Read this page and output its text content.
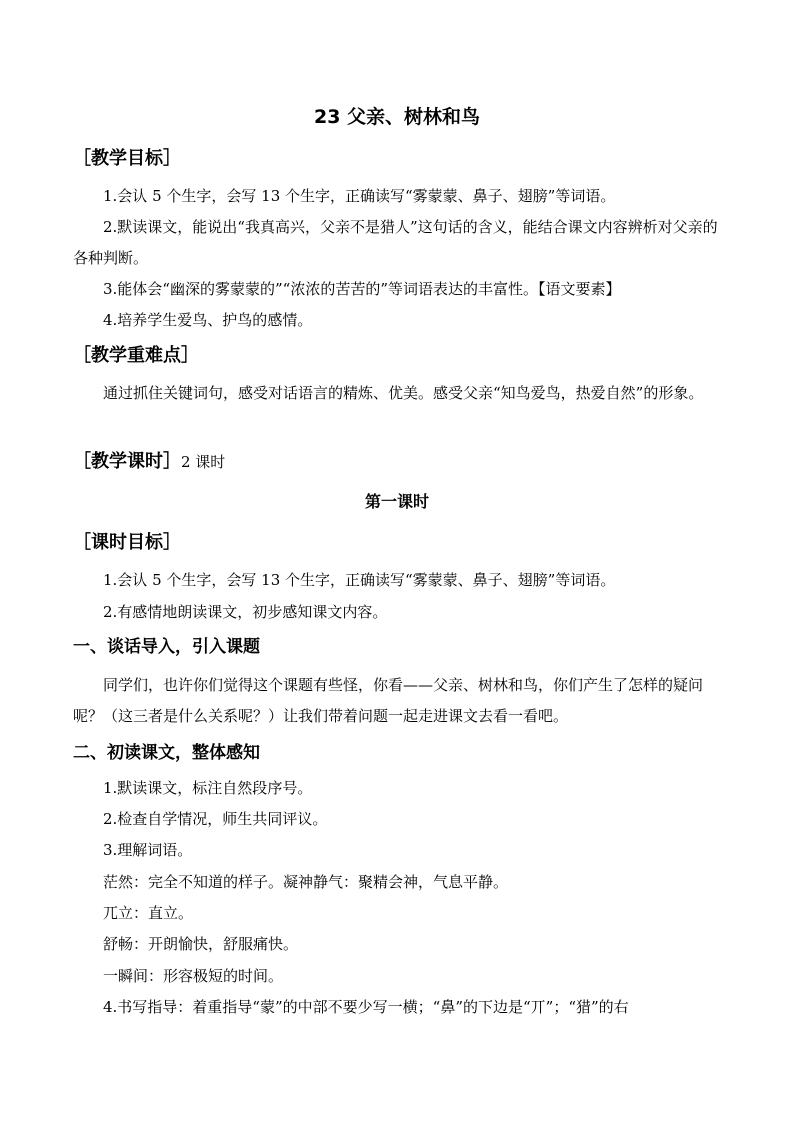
23 父亲、树林和鸟
［教学目标］
1.会认 5 个生字，会写 13 个生字，正确读写“雾蒙蒙、鼻子、翅膀”等词语。
2.默读课文，能说出“我真高兴，父亲不是猎人”这句话的含义，能结合课文内容辨析对父亲的各种判断。
3.能体会“幽深的雾蒙蒙的”“浓浓的苦苦的”等词语表达的丰富性。【语文要素】
4.培养学生爱鸟、护鸟的感情。
［教学重难点］
通过抓住关键词句，感受对话语言的精炼、优美。感受父亲“知鸟爱鸟，热爱自然”的形象。
［教学课时］2 课时
第一课时
［课时目标］
1.会认 5 个生字，会写 13 个生字，正确读写“雾蒙蒙、鼻子、翅膀”等词语。
2.有感情地朗读课文，初步感知课文内容。
一、谈话导入，引入课题
同学们，也许你们觉得这个课题有些怪，你看——父亲、树林和鸟，你们产生了怎样的疑问呢？（这三者是什么关系呢？）让我们带着问题一起走进课文去看一看吧。
二、初读课文，整体感知
1.默读课文，标注自然段序号。
2.检查自学情况，师生共同评议。
3.理解词语。
茫然：完全不知道的样子。凝神静气：聚精会神，气息平静。
兀立：直立。
舒畅：开朗愉快，舒服痛快。
一瞬间：形容极短的时间。
4.书写指导：着重指导“蒙”的中部不要少写一横；“鼻”的下边是“丌”；“猎”的右
